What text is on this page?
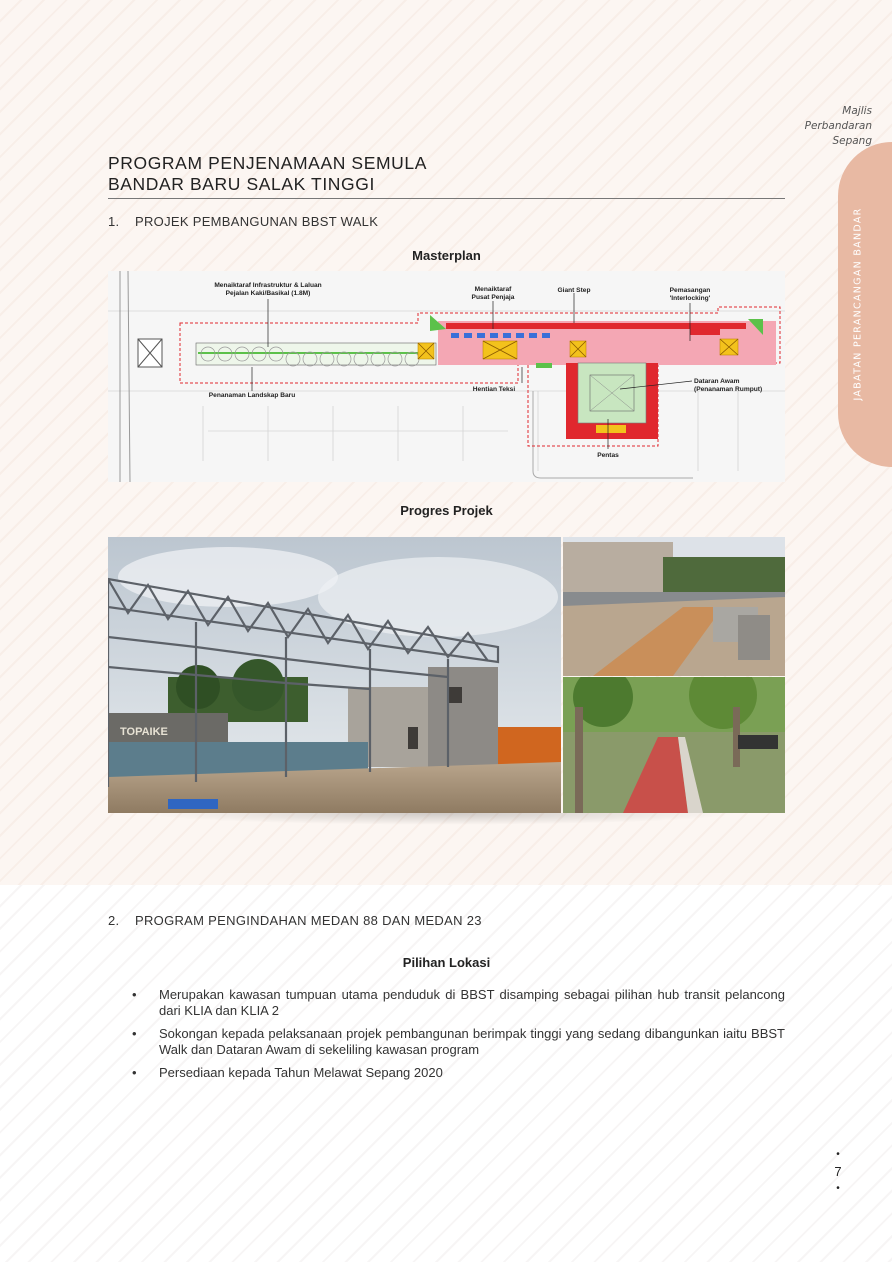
Majlis
Perbandaran
Sepang
JABATAN PERANCANGAN BANDAR
PROGRAM PENJENAMAAN SEMULA
BANDAR BARU SALAK TINGGI
1. PROJEK PEMBANGUNAN BBST WALK
Masterplan
Menaiktaraf Infrastruktur & Laluan
Pejalan Kaki/Basikal (1.8M)
Menaiktaraf
Pusat Penjaja
Giant Step	Pemasangan
'Interlocking'
Penanaman Landskap Baru
Hentian Teksi
Dataran Awam
(Penanaman Rumput)
Pentas
Progres Projek
TOPAIKE
2. PROGRAM PENGINDAHAN MEDAN 88 DAN MEDAN 23
Pilihan Lokasi
• Merupakan kawasan tumpuan utama penduduk di BBST disamping sebagai pilihan hub transit pelancong dari KLIA dan KLIA 2
• Sokongan kepada pelaksanaan projek pembangunan berimpak tinggi yang sedang dibangunkan iaitu BBST Walk dan Dataran Awam di sekeliling kawasan program
• Persediaan kepada Tahun Melawat Sepang 2020
•
7
•
